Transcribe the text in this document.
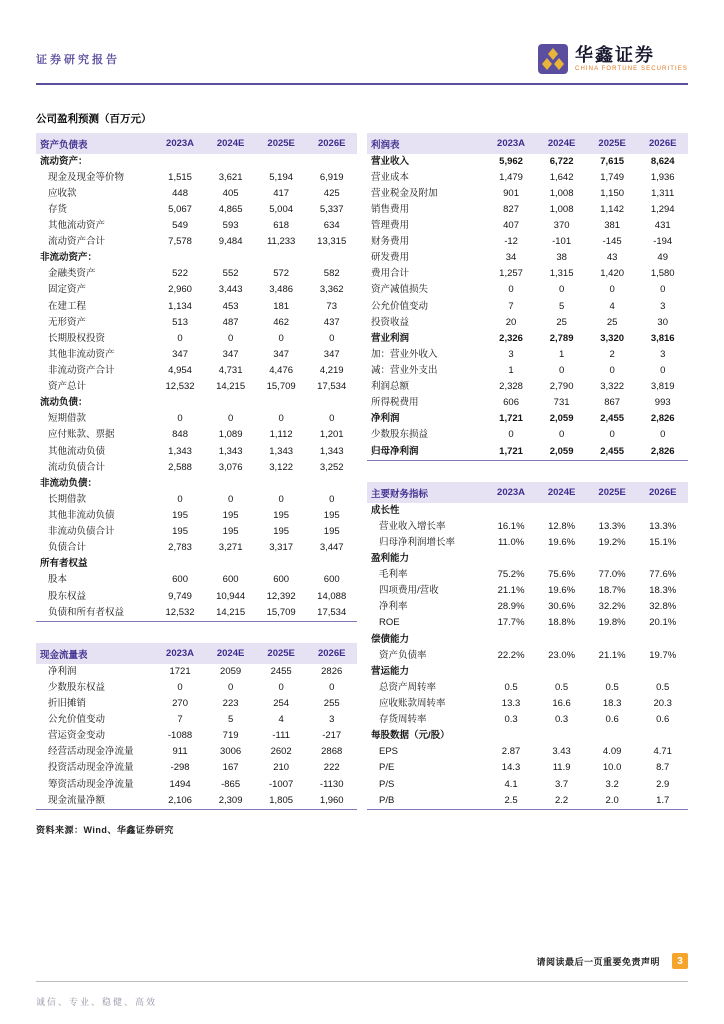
证券研究报告	华鑫证券
CHINA FORTUNE SECURITIES
公司盈利预测（百万元）
资产负债表	2023A	2024E	2025E	2026E
流动资产：				
现金及现金等价物	1,515	3,621	5,194	6,919
应收款	448	405	417	425
存货	5,067	4,865	5,004	5,337
其他流动资产	549	593	618	634
流动资产合计	7,578	9,484	11,233	13,315
非流动资产：				
金融类资产	522	552	572	582
固定资产	2,960	3,443	3,486	3,362
在建工程	1,134	453	181	73
无形资产	513	487	462	437
长期股权投资	0	0	0	0
其他非流动资产	347	347	347	347
非流动资产合计	4,954	4,731	4,476	4,219
资产总计	12,532	14,215	15,709	17,534
流动负债：				
短期借款	0	0	0	0
应付账款、票据	848	1,089	1,112	1,201
其他流动负债	1,343	1,343	1,343	1,343
流动负债合计	2,588	3,076	3,122	3,252
非流动负债：				
长期借款	0	0	0	0
其他非流动负债	195	195	195	195
非流动负债合计	195	195	195	195
负债合计	2,783	3,271	3,317	3,447
所有者权益				
股本	600	600	600	600
股东权益	9,749	10,944	12,392	14,088
负债和所有者权益	12,532	14,215	15,709	17,534
现金流量表	2023A	2024E	2025E	2026E
净利润	1721	2059	2455	2826
少数股东权益	0	0	0	0
折旧摊销	270	223	254	255
公允价值变动	7	5	4	3
营运资金变动	-1088	719	-111	-217
经营活动现金净流量	911	3006	2602	2868
投资活动现金净流量	-298	167	210	222
筹资活动现金净流量	1494	-865	-1007	-1130
现金流量净额	2,106	2,309	1,805	1,960
资料来源：Wind、华鑫证券研究
利润表	2023A	2024E	2025E	2026E
营业收入	5,962	6,722	7,615	8,624
营业成本	1,479	1,642	1,749	1,936
营业税金及附加	901	1,008	1,150	1,311
销售费用	827	1,008	1,142	1,294
管理费用	407	370	381	431
财务费用	-12	-101	-145	-194
研发费用	34	38	43	49
费用合计	1,257	1,315	1,420	1,580
资产减值损失	0	0	0	0
公允价值变动	7	5	4	3
投资收益	20	25	25	30
营业利润	2,326	2,789	3,320	3,816
加：营业外收入	3	1	2	3
减：营业外支出	1	0	0	0
利润总额	2,328	2,790	3,322	3,819
所得税费用	606	731	867	993
净利润	1,721	2,059	2,455	2,826
少数股东损益	0	0	0	0
归母净利润	1,721	2,059	2,455	2,826
主要财务指标	2023A	2024E	2025E	2026E
成长性				
营业收入增长率	16.1%	12.8%	13.3%	13.3%
归母净利润增长率	11.0%	19.6%	19.2%	15.1%
盈利能力				
毛利率	75.2%	75.6%	77.0%	77.6%
四项费用/营收	21.1%	19.6%	18.7%	18.3%
净利率	28.9%	30.6%	32.2%	32.8%
ROE	17.7%	18.8%	19.8%	20.1%
偿债能力				
资产负债率	22.2%	23.0%	21.1%	19.7%
营运能力				
总资产周转率	0.5	0.5	0.5	0.5
应收账款周转率	13.3	16.6	18.3	20.3
存货周转率	0.3	0.3	0.6	0.6
每股数据（元/股）				
EPS	2.87	3.43	4.09	4.71
P/E	14.3	11.9	10.0	8.7
P/S	4.1	3.7	3.2	2.9
P/B	2.5	2.2	2.0	1.7
请阅读最后一页重要免责声明	3
诚信、专业、稳健、高效
